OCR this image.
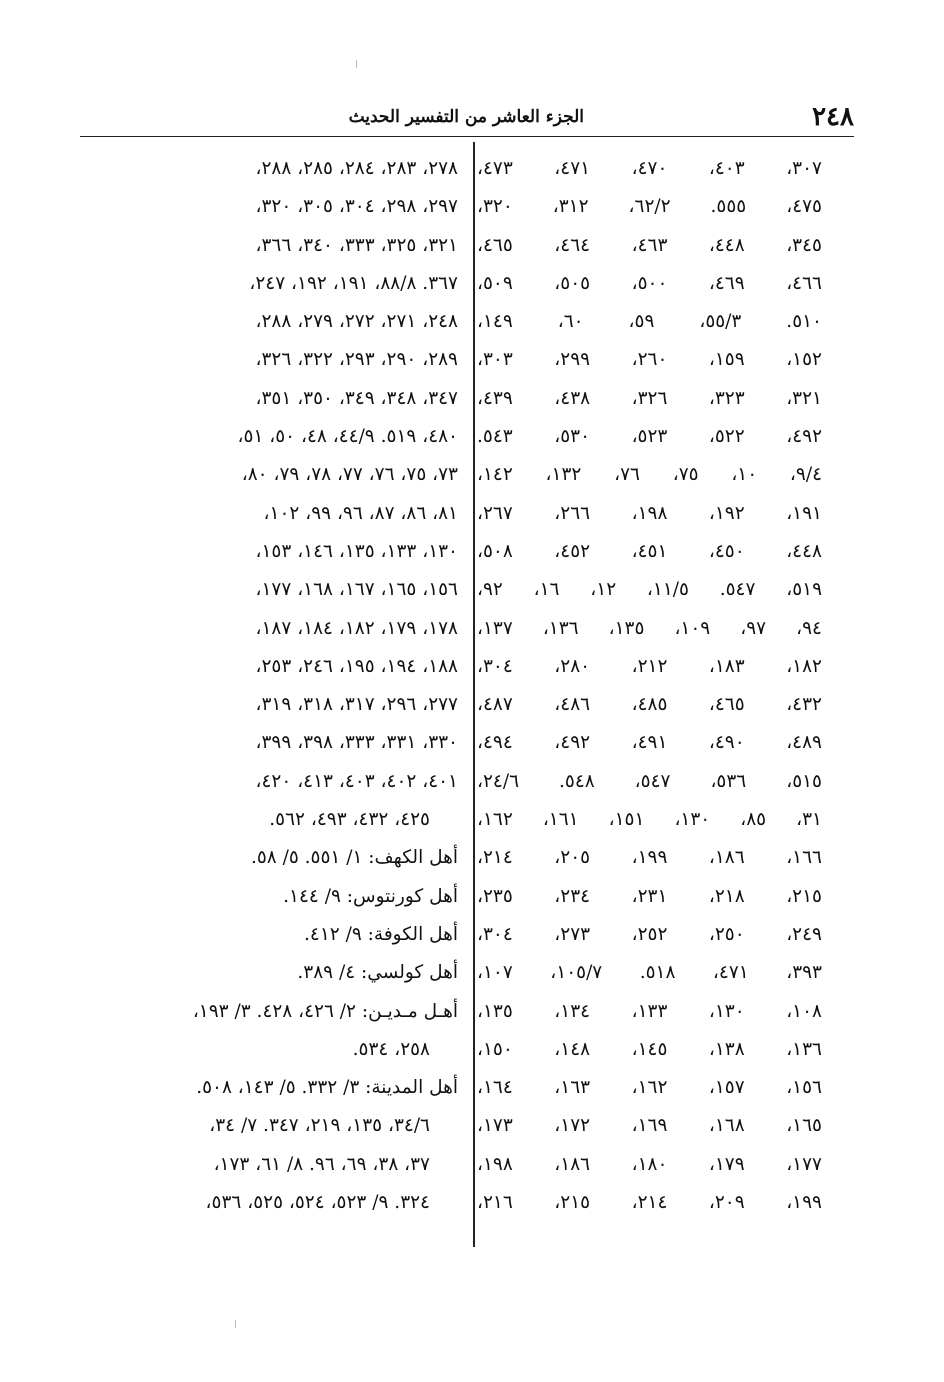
٢٤٨
الجزء العاشر من التفسير الحديث
٣٠٧، ٤٠٣، ٤٧٠، ٤٧١، ٤٧٣،
٤٧٥، ٥٥٥. ٦٢/٢، ٣١٢، ٣٢٠،
٣٤٥، ٤٤٨، ٤٦٣، ٤٦٤، ٤٦٥،
٤٦٦، ٤٦٩، ٥٠٠، ٥٠٥، ٥٠٩،
٥١٠. ٥٥/٣، ٥٩، ٦٠، ١٤٩،
١٥٢، ١٥٩، ٢٦٠، ٢٩٩، ٣٠٣،
٣٢١، ٣٢٣، ٣٢٦، ٤٣٨، ٤٣٩،
٤٩٢، ٥٢٢، ٥٢٣، ٥٣٠، ٥٤٣.
٩/٤، ١٠، ٧٥، ٧٦، ١٣٢، ١٤٢،
١٩١، ١٩٢، ١٩٨، ٢٦٦، ٢٦٧،
٤٤٨، ٤٥٠، ٤٥١، ٤٥٢، ٥٠٨،
٥١٩، ٥٤٧. ١١/٥، ١٢، ١٦، ٩٢،
٩٤، ٩٧، ١٠٩، ١٣٥، ١٣٦، ١٣٧،
١٨٢، ١٨٣، ٢١٢، ٢٨٠، ٣٠٤،
٤٣٢، ٤٦٥، ٤٨٥، ٤٨٦، ٤٨٧،
٤٨٩، ٤٩٠، ٤٩١، ٤٩٢، ٤٩٤،
٥١٥، ٥٣٦، ٥٤٧، ٥٤٨. ٢٤/٦،
٣١، ٨٥، ١٣٠، ١٥١، ١٦١، ١٦٢،
١٦٦، ١٨٦، ١٩٩، ٢٠٥، ٢١٤،
٢١٥، ٢١٨، ٢٣١، ٢٣٤، ٢٣٥،
٢٤٩، ٢٥٠، ٢٥٢، ٢٧٣، ٣٠٤،
٣٩٣، ٤٧١، ٥١٨. ١٠٥/٧، ١٠٧،
١٠٨، ١٣٠، ١٣٣، ١٣٤، ١٣٥،
١٣٦، ١٣٨، ١٤٥، ١٤٨، ١٥٠،
١٥٦، ١٥٧، ١٦٢، ١٦٣، ١٦٤،
١٦٥، ١٦٨، ١٦٩، ١٧٢، ١٧٣،
١٧٧، ١٧٩، ١٨٠، ١٨٦، ١٩٨،
١٩٩، ٢٠٩، ٢١٤، ٢١٥، ٢١٦،
٢٧٨، ٢٨٣، ٢٨٤، ٢٨٥، ٢٨٨،
٢٩٧، ٢٩٨، ٣٠٤، ٣٠٥، ٣٢٠،
٣٢١، ٣٢٥، ٣٣٣، ٣٤٠، ٣٦٦،
٣٦٧. ٨٨/٨، ١٩١، ١٩٢، ٢٤٧،
٢٤٨، ٢٧١، ٢٧٢، ٢٧٩، ٢٨٨،
٢٨٩، ٢٩٠، ٢٩٣، ٣٢٢، ٣٢٦،
٣٤٧، ٣٤٨، ٣٤٩، ٣٥٠، ٣٥١،
٤٨٠، ٥١٩. ٤٤/٩، ٤٨، ٥٠، ٥١،
٧٣، ٧٥، ٧٦، ٧٧، ٧٨، ٧٩، ٨٠،
٨١، ٨٦، ٨٧، ٩٦، ٩٩، ١٠٢،
١٣٠، ١٣٣، ١٣٥، ١٤٦، ١٥٣،
١٥٦، ١٦٥، ١٦٧، ١٦٨، ١٧٧،
١٧٨، ١٧٩، ١٨٢، ١٨٤، ١٨٧،
١٨٨، ١٩٤، ١٩٥، ٢٤٦، ٢٥٣،
٢٧٧، ٢٩٦، ٣١٧، ٣١٨، ٣١٩،
٣٣٠، ٣٣١، ٣٣٣، ٣٩٨، ٣٩٩،
٤٠١، ٤٠٢، ٤٠٣، ٤١٣، ٤٢٠،
٤٢٥، ٤٣٢، ٤٩٣، ٥٦٢.
أهل الكهف: ١/ ٥٥١. ٥/ ٥٨.
أهل كورنتوس: ٩/ ١٤٤.
أهل الكوفة: ٩/ ٤١٢.
أهل كولسي: ٤/ ٣٨٩.
أهـل مـديـن: ٢/ ٤٢٦، ٤٢٨. ٣/ ١٩٣،
٢٥٨، ٥٣٤.
أهل المدينة: ٣/ ٣٣٢. ٥/ ١٤٣، ٥٠٨.
٣٤/٦، ١٣٥، ٢١٩، ٣٤٧. ٧/ ٣٤،
٣٧، ٣٨، ٦٩، ٩٦. ٨/ ٦١، ١٧٣،
٣٢٤. ٩/ ٥٢٣، ٥٢٤، ٥٢٥، ٥٣٦،
